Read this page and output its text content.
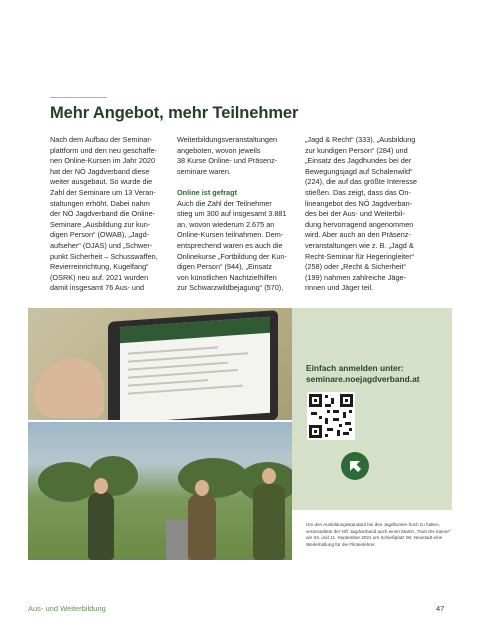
Mehr Angebot, mehr Teilnehmer

Nach dem Aufbau der Seminar-
plattform und den neu geschaffe-
nen Online-Kursen im Jahr 2020
hat der NÖ Jagdverband diese
weiter ausgebaut. So wurde die
Zahl der Seminare um 13 Veran-
staltungen erhöht. Dabei nahm
der NÖ Jagdverband die Online-
Seminare „Ausbildung zur kun-
digen Person“ (OWAB), „Jagd-
aufseher“ (OJAS) und „Schwer-
punkt Sicherheit – Schusswaffen,
Revierreinrichtung, Kugelfang“
(OSRK) neu auf. 2021 wurden
damit insgesamt 76 Aus- und

Weiterbildungsveranstaltungen
angeboten, wovon jeweils
38 Kurse Online- und Präsenz-
seminare waren.

Online ist gefragt

Auch die Zahl der Teilnehmer
stieg um 300 auf insgesamt 3.881
an, wovon wiederum 2.675 an
Online-Kursen teilnahmen. Dem-
entsprechend waren es auch die
Onlinekurse „Fortbildung der Kun-
digen Person“ (944), „Einsatz
von künstlichen Nachtzielhilfen
zur Schwarzwildbejagung“ (570),

„Jagd & Recht“ (333), „Ausbildung
zur kundigen Person“ (284) und
„Einsatz des Jagdhundes bei der
Bewegungsjagd auf Schalenwild“
(224), die auf das größte Interesse
stießen. Das zeigt, dass das On-
lineangebot des NÖ Jagdverban-
des bei der Aus- und Weiterbil-
dung hervorragend angenommen
wird. Aber auch an den Präsenz-
veranstaltungen wie z. B. „Jagd &
Recht-Seminar für Hegeringleiter“
(258) oder „Recht & Sicherheit“
(199) nahmen zahlreiche Jäge-
rinnen und Jäger teil.

Foto: Adobe Stock
Einfach anmelden unter:
seminare.noejagdverband.at
Foto: NÖ Jagdverband	Um den Ausbildungsstandard bei den Jagdkursen hoch zu halten, veranstaltete der NÖ Jagdverband auch einen Martin „Train the trainer“ am 04. und 11. September 2021 am Schießplatz Wr. Neustadt eine Weiterbildung für die Flintenlehrer.
Aus- und Weiterbildung	47
